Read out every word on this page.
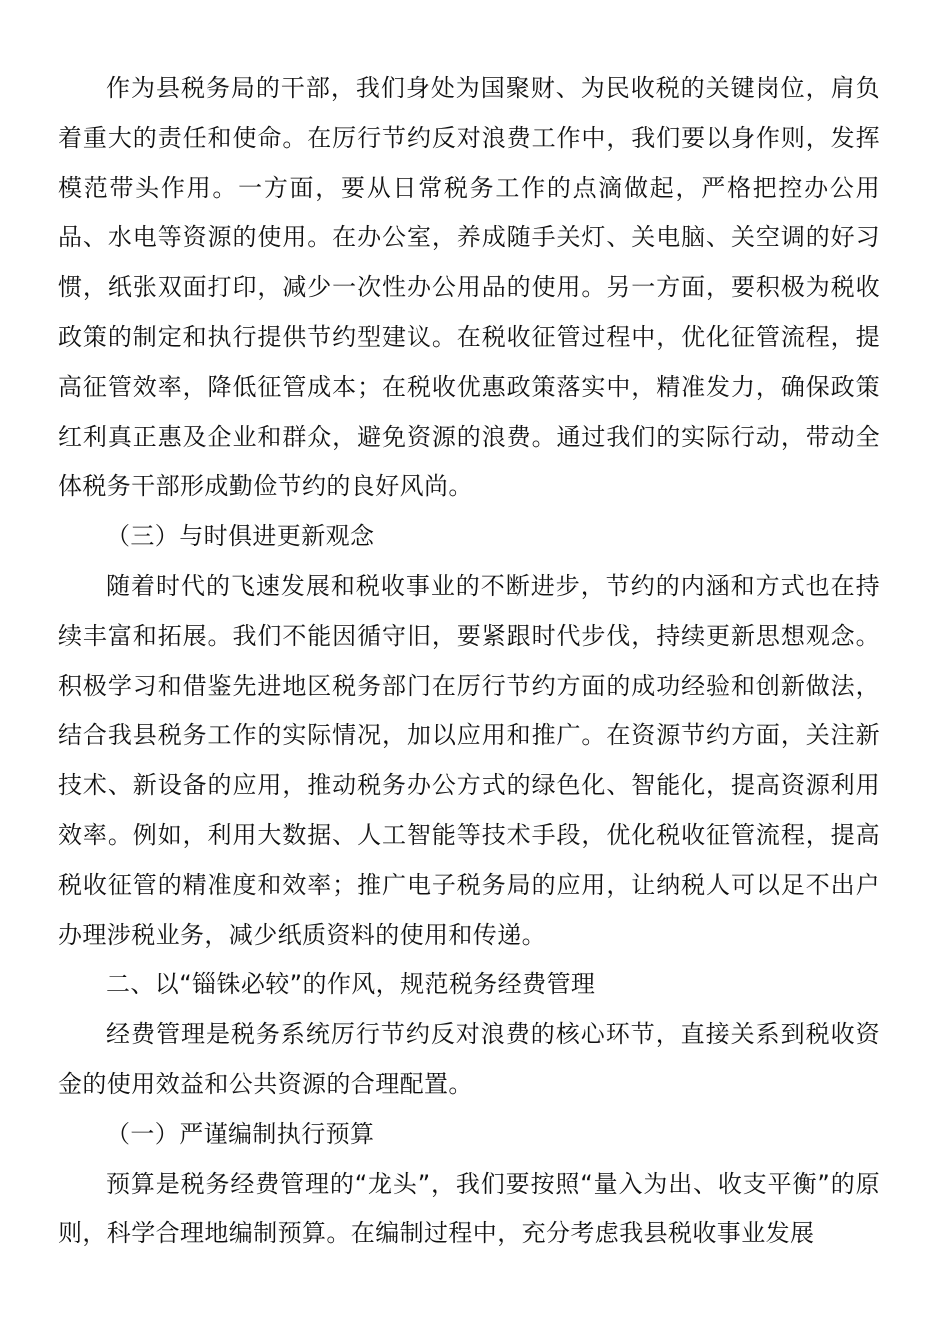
作为县税务局的干部，我们身处为国聚财、为民收税的关键岗位，肩负着重大的责任和使命。在厉行节约反对浪费工作中，我们要以身作则，发挥模范带头作用。一方面，要从日常税务工作的点滴做起，严格把控办公用品、水电等资源的使用。在办公室，养成随手关灯、关电脑、关空调的好习惯，纸张双面打印，减少一次性办公用品的使用。另一方面，要积极为税收政策的制定和执行提供节约型建议。在税收征管过程中，优化征管流程，提高征管效率，降低征管成本；在税收优惠政策落实中，精准发力，确保政策红利真正惠及企业和群众，避免资源的浪费。通过我们的实际行动，带动全体税务干部形成勤俭节约的良好风尚。

（三）与时俱进更新观念

随着时代的飞速发展和税收事业的不断进步，节约的内涵和方式也在持续丰富和拓展。我们不能因循守旧，要紧跟时代步伐，持续更新思想观念。积极学习和借鉴先进地区税务部门在厉行节约方面的成功经验和创新做法，结合我县税务工作的实际情况，加以应用和推广。在资源节约方面，关注新技术、新设备的应用，推动税务办公方式的绿色化、智能化，提高资源利用效率。例如，利用大数据、人工智能等技术手段，优化税收征管流程，提高税收征管的精准度和效率；推广电子税务局的应用，让纳税人可以足不出户办理涉税业务，减少纸质资料的使用和传递。

二、以“锱铢必较”的作风，规范税务经费管理

经费管理是税务系统厉行节约反对浪费的核心环节，直接关系到税收资金的使用效益和公共资源的合理配置。

（一）严谨编制执行预算

预算是税务经费管理的“龙头”，我们要按照“量入为出、收支平衡”的原则，科学合理地编制预算。在编制过程中，充分考虑我县税收事业发展
